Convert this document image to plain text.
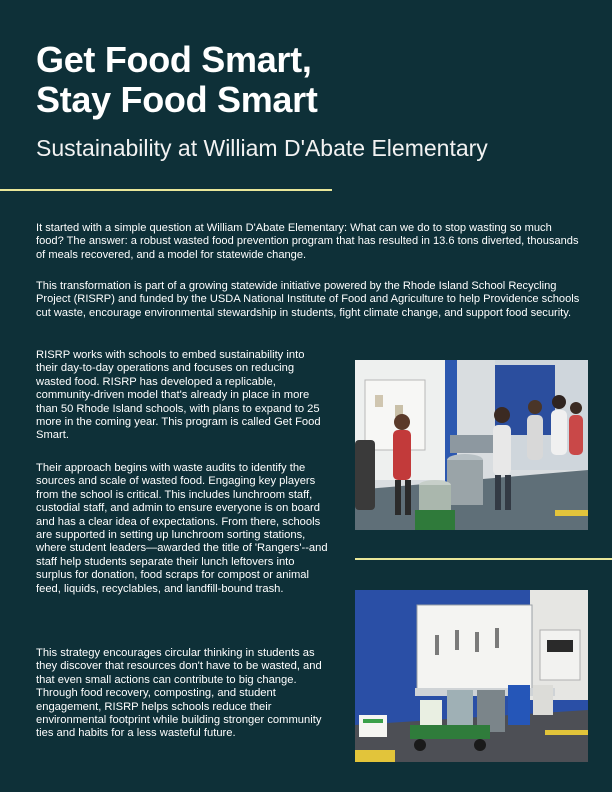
Get Food Smart,
Stay Food Smart
Sustainability at William D'Abate Elementary

It started with a simple question at William D'Abate Elementary: What can we do to stop wasting so much food? The answer: a robust wasted food prevention program that has resulted in 13.6 tons diverted, thousands of meals recovered, and a model for statewide change.

This transformation is part of a growing statewide initiative powered by the Rhode Island School Recycling Project (RISRP) and funded by the USDA National Institute of Food and Agriculture to help Providence schools cut waste, encourage environmental stewardship in students, fight climate change, and support food security.

RISRP works with schools to embed sustainability into their day-to-day operations and focuses on reducing wasted food. RISRP has developed a replicable, community-driven model that's already in place in more than 50 Rhode Island schools, with plans to expand to 25 more in the coming year. This program is called Get Food Smart.

Their approach begins with waste audits to identify the sources and scale of wasted food. Engaging key players from the school is critical. This includes lunchroom staff, custodial staff, and admin to ensure everyone is on board and has a clear idea of expectations. From there, schools are supported in setting up lunchroom sorting stations, where student leaders—awarded the title of 'Rangers'--and staff help students separate their lunch leftovers into surplus for donation, food scraps for compost or animal feed, liquids, recyclables, and landfill-bound trash.

This strategy encourages circular thinking in students as they discover that resources don't have to be wasted, and that even small actions can contribute to big change. Through food recovery, composting, and student engagement, RISRP helps schools reduce their environmental footprint while building stronger community ties and habits for a less wasteful future.
